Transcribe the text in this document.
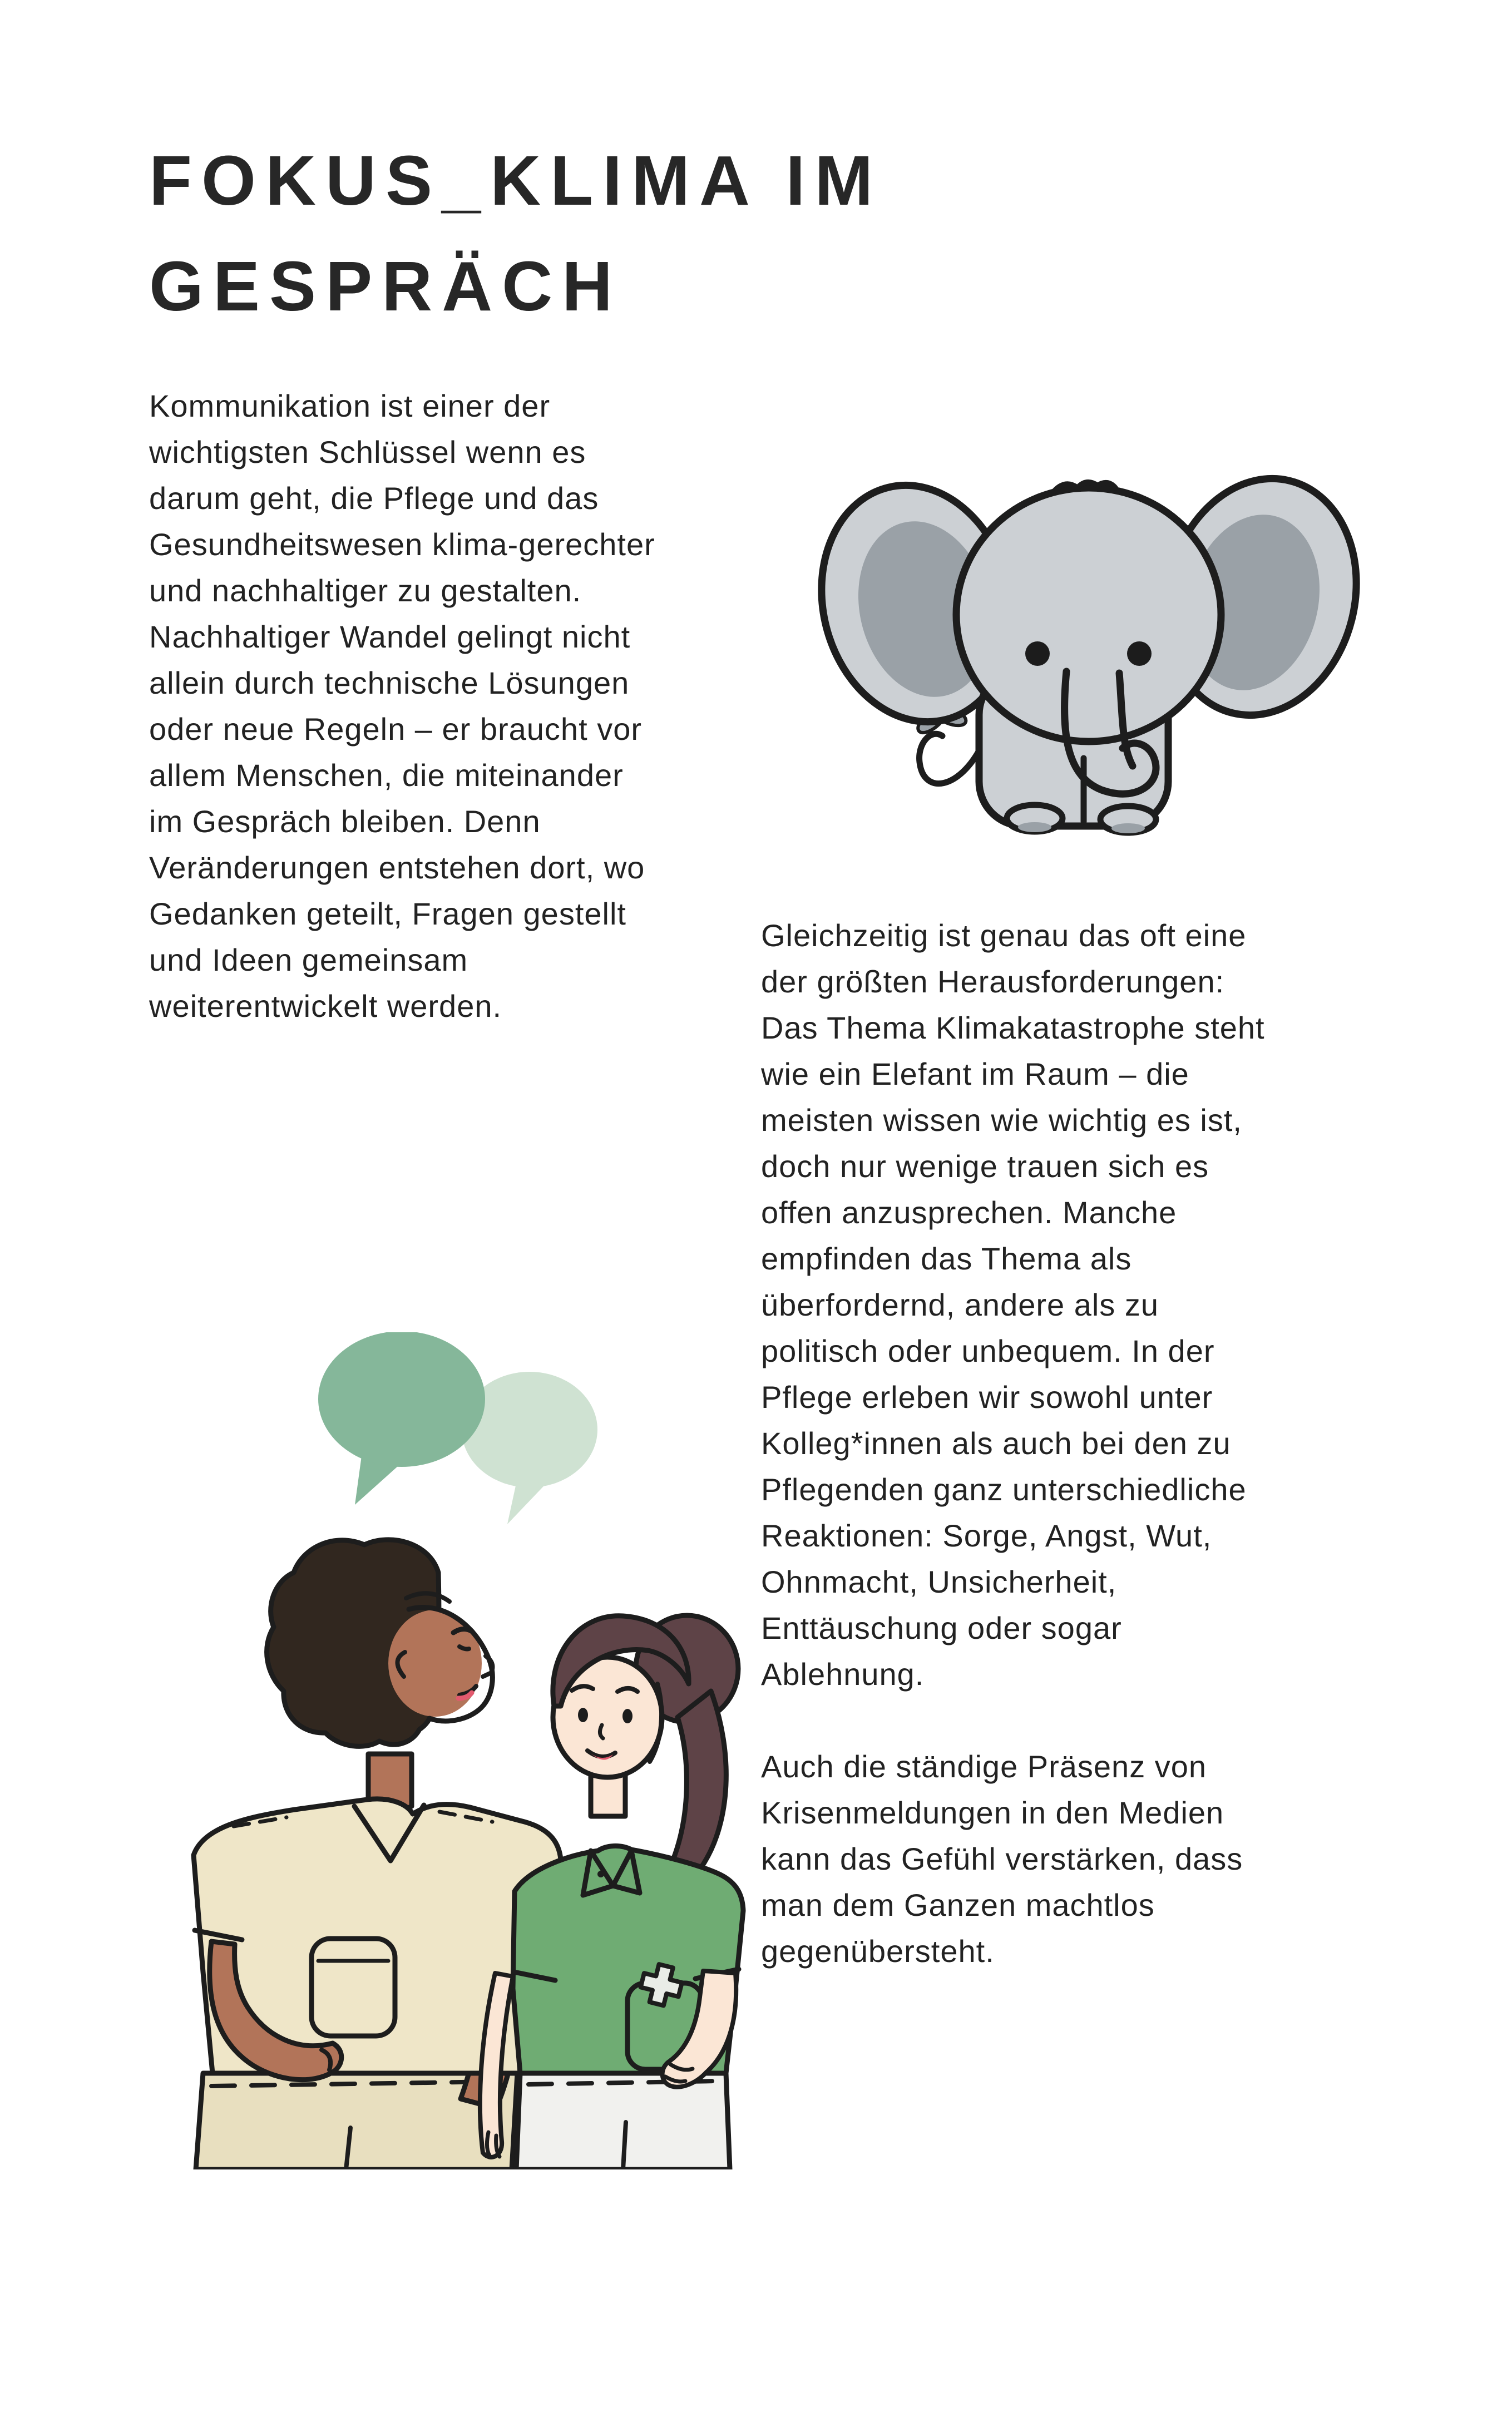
FOKUS_KLIMA IM
GESPRÄCH

Kommunikation ist einer der
wichtigsten Schlüssel wenn es
darum geht, die Pflege und das
Gesundheitswesen klima-gerechter
und nachhaltiger zu gestalten.
Nachhaltiger Wandel gelingt nicht
allein durch technische Lösungen
oder neue Regeln – er braucht vor
allem Menschen, die miteinander
im Gespräch bleiben. Denn
Veränderungen entstehen dort, wo
Gedanken geteilt, Fragen gestellt
und Ideen gemeinsam
weiterentwickelt werden.

Gleichzeitig ist genau das oft eine
der größten Herausforderungen:
Das Thema Klimakatastrophe steht
wie ein Elefant im Raum – die
meisten wissen wie wichtig es ist,
doch nur wenige trauen sich es
offen anzusprechen. Manche
empfinden das Thema als
überfordernd, andere als zu
politisch oder unbequem. In der
Pflege erleben wir sowohl unter
Kolleg*innen als auch bei den zu
Pflegenden ganz unterschiedliche
Reaktionen: Sorge, Angst, Wut,
Ohnmacht, Unsicherheit,
Enttäuschung oder sogar
Ablehnung.

Auch die ständige Präsenz von
Krisenmeldungen in den Medien
kann das Gefühl verstärken, dass
man dem Ganzen machtlos
gegenübersteht.
